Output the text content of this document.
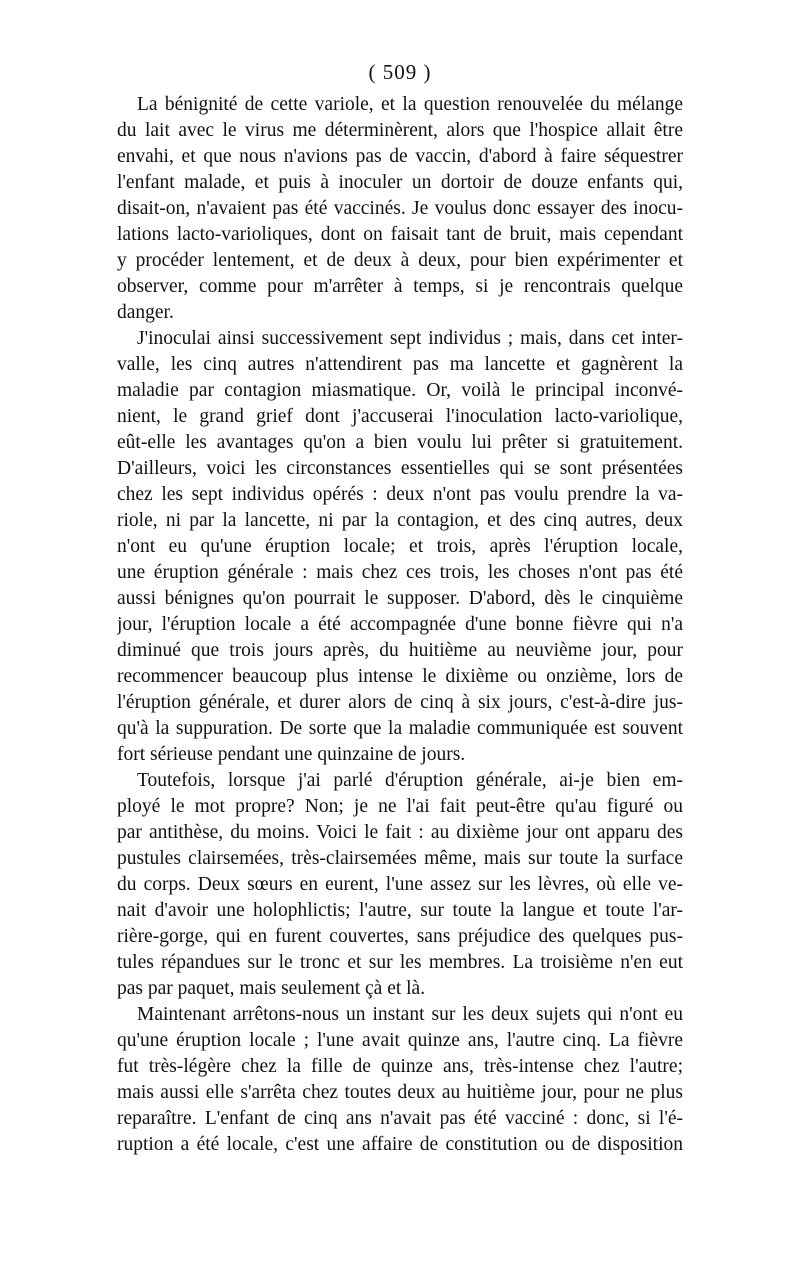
( 509 )
La bénignité de cette variole, et la question renouvelée du mélange
du lait avec le virus me déterminèrent, alors que l'hospice allait être
envahi, et que nous n'avions pas de vaccin, d'abord à faire séquestrer
l'enfant malade, et puis à inoculer un dortoir de douze enfants qui,
disait-on, n'avaient pas été vaccinés. Je voulus donc essayer des inocu-
lations lacto-varioliques, dont on faisait tant de bruit, mais cependant
y procéder lentement, et de deux à deux, pour bien expérimenter et
observer, comme pour m'arrêter à temps, si je rencontrais quelque
danger.
J'inoculai ainsi successivement sept individus ; mais, dans cet inter-
valle, les cinq autres n'attendirent pas ma lancette et gagnèrent la
maladie par contagion miasmatique. Or, voilà le principal inconvé-
nient, le grand grief dont j'accuserai l'inoculation lacto-variolique,
eût-elle les avantages qu'on a bien voulu lui prêter si gratuitement.
D'ailleurs, voici les circonstances essentielles qui se sont présentées
chez les sept individus opérés : deux n'ont pas voulu prendre la va-
riole, ni par la lancette, ni par la contagion, et des cinq autres, deux
n'ont eu qu'une éruption locale; et trois, après l'éruption locale,
une éruption générale : mais chez ces trois, les choses n'ont pas été
aussi bénignes qu'on pourrait le supposer. D'abord, dès le cinquième
jour, l'éruption locale a été accompagnée d'une bonne fièvre qui n'a
diminué que trois jours après, du huitième au neuvième jour, pour
recommencer beaucoup plus intense le dixième ou onzième, lors de
l'éruption générale, et durer alors de cinq à six jours, c'est-à-dire jus-
qu'à la suppuration. De sorte que la maladie communiquée est souvent
fort sérieuse pendant une quinzaine de jours.
Toutefois, lorsque j'ai parlé d'éruption générale, ai-je bien em-
ployé le mot propre? Non; je ne l'ai fait peut-être qu'au figuré ou
par antithèse, du moins. Voici le fait : au dixième jour ont apparu des
pustules clairsemées, très-clairsemées même, mais sur toute la surface
du corps. Deux sœurs en eurent, l'une assez sur les lèvres, où elle ve-
nait d'avoir une holophlictis; l'autre, sur toute la langue et toute l'ar-
rière-gorge, qui en furent couvertes, sans préjudice des quelques pus-
tules répandues sur le tronc et sur les membres. La troisième n'en eut
pas par paquet, mais seulement çà et là.
Maintenant arrêtons-nous un instant sur les deux sujets qui n'ont eu
qu'une éruption locale ; l'une avait quinze ans, l'autre cinq. La fièvre
fut très-légère chez la fille de quinze ans, très-intense chez l'autre;
mais aussi elle s'arrêta chez toutes deux au huitième jour, pour ne plus
reparaître. L'enfant de cinq ans n'avait pas été vacciné : donc, si l'é-
ruption a été locale, c'est une affaire de constitution ou de disposition
